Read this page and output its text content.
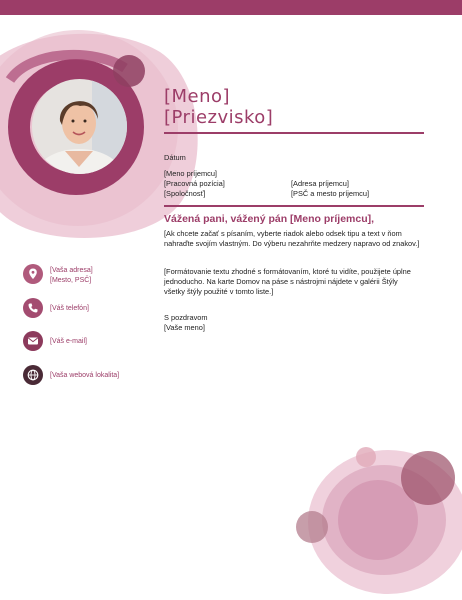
[Meno]
[Priezvisko]
Dátum
[Meno príjemcu]
[Pracovná pozícia]
[Spoločnosť]
[Adresa príjemcu]
[PSČ a mesto príjemcu]
Vážená pani, vážený pán [Meno príjemcu],
[Ak chcete začať s písaním, vyberte riadok alebo odsek tipu a text v ňom nahraďte svojím vlastným. Do výberu nezahrňte medzery napravo od znakov.]
[Formátovanie textu zhodné s formátovaním, ktoré tu vidíte, použijete úplne jednoducho. Na karte Domov na páse s nástrojmi nájdete v galérii Štýly všetky štýly použité v tomto liste.]
S pozdravom
[Vaše meno]
[Vaša adresa]
[Mesto, PSČ]
[Váš telefón]
[Váš e-mail]
[Vaša webová lokalita]
